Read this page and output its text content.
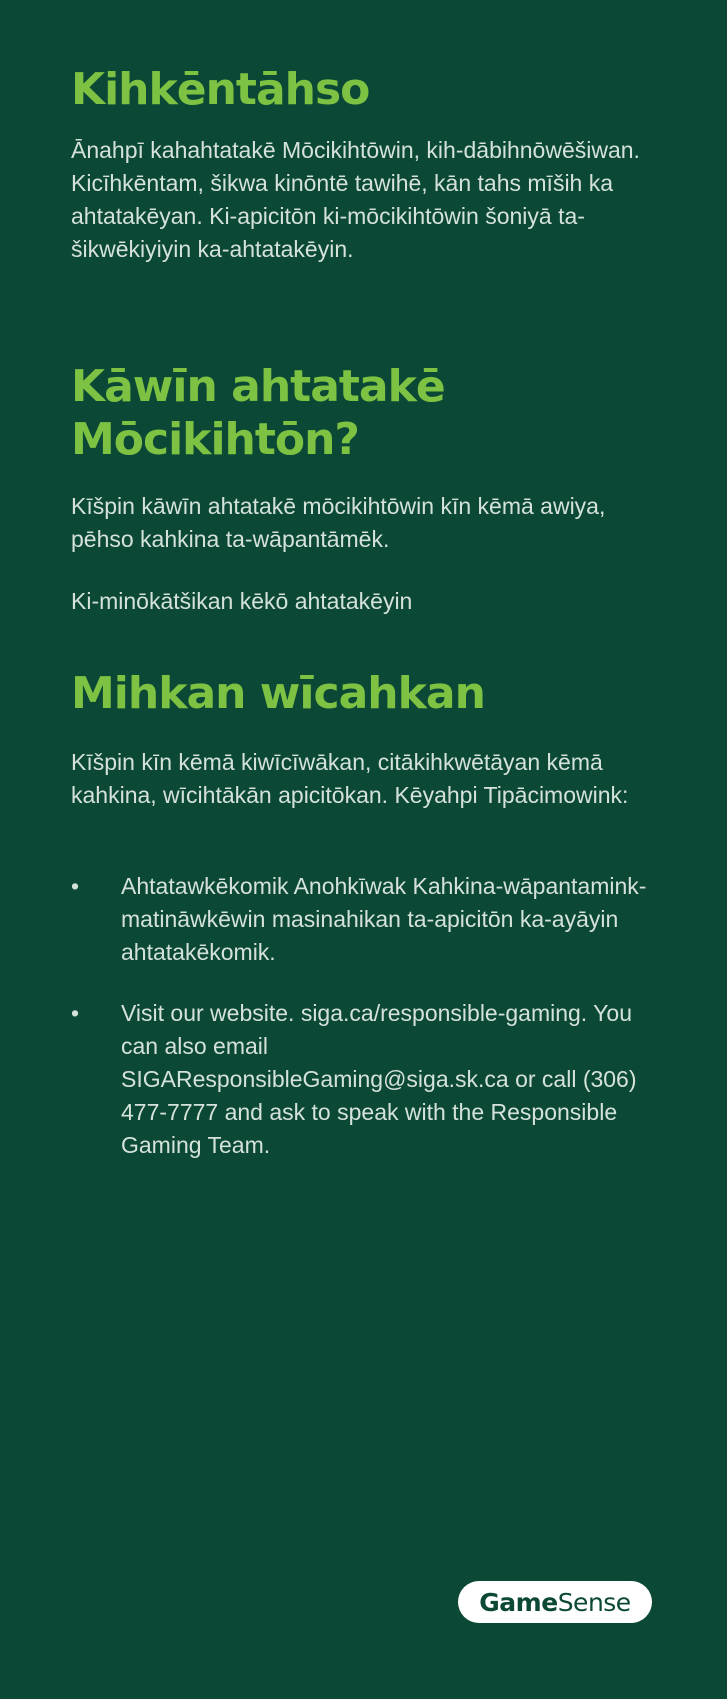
Kihkēntāhso

Ānahpī kahahtatakē Mōcikihtōwin, kih-dābihnōwēšiwan. Kicīhkēntam, šikwa kinōntē tawihē, kān tahs mīših ka ahtatakēyan. Ki-apicitōn ki-mōcikihtōwin šoniyā ta- šikwēkiyiyin ka-ahtatakēyin.

Kāwīn ahtatakē Mōcikihtōn?

Kīšpin kāwīn ahtatakē mōcikihtōwin kīn kēmā awiya, pēhso kahkina ta-wāpantāmēk.

Ki-minōkātšikan kēkō ahtatakēyin

Mihkan wīcahkan

Kīšpin kīn kēmā kiwīcīwākan, citākihkwētāyan kēmā kahkina, wīcihtākān apicitōkan. Kēyahpi Tipācimowink:

•	Ahtatawkēkomik Anohkīwak Kahkina-wāpantamink-matināwkēwin masinahikan ta-apicitōn ka-ayāyin ahtatakēkomik.
•	Visit our website. siga.ca/responsible-gaming. You can also email SIGAResponsibleGaming@siga.sk.ca or call (306) 477-7777 and ask to speak with the Responsible Gaming Team.
Game Sense
